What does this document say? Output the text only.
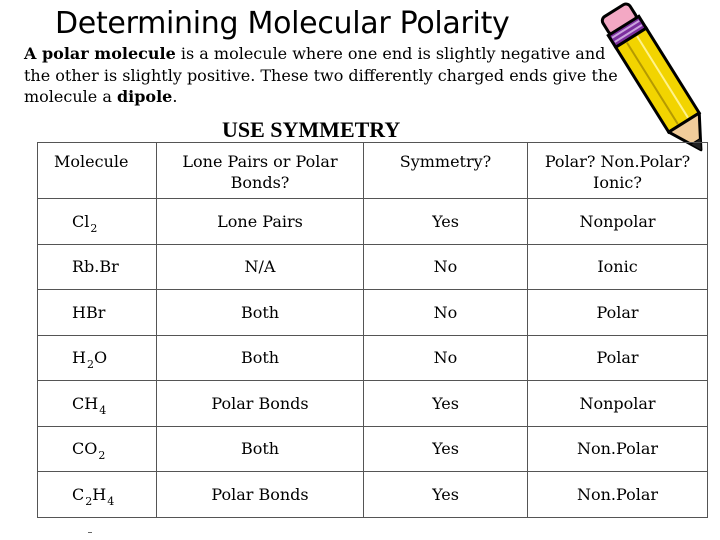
Determining Molecular Polarity
A polar molecule is a molecule where one end is slightly negative and the other is slightly positive. These two differently charged ends give the molecule a dipole.
USE SYMMETRY
Molecule	Lone Pairs or Polar Bonds?	Symmetry?	Polar? Non.Polar? Ionic?
$Cl_2$	Lone Pairs	Yes	Nonpolar
Rb.Br	N/A	No	Ionic
HBr	Both	No	Polar
$H_2O$	Both	No	Polar
$CH_4$	Polar Bonds	Yes	Nonpolar
$CO_2$	Both	Yes	Non.Polar
$C_2H_4$	Polar Bonds	Yes	Non.Polar
